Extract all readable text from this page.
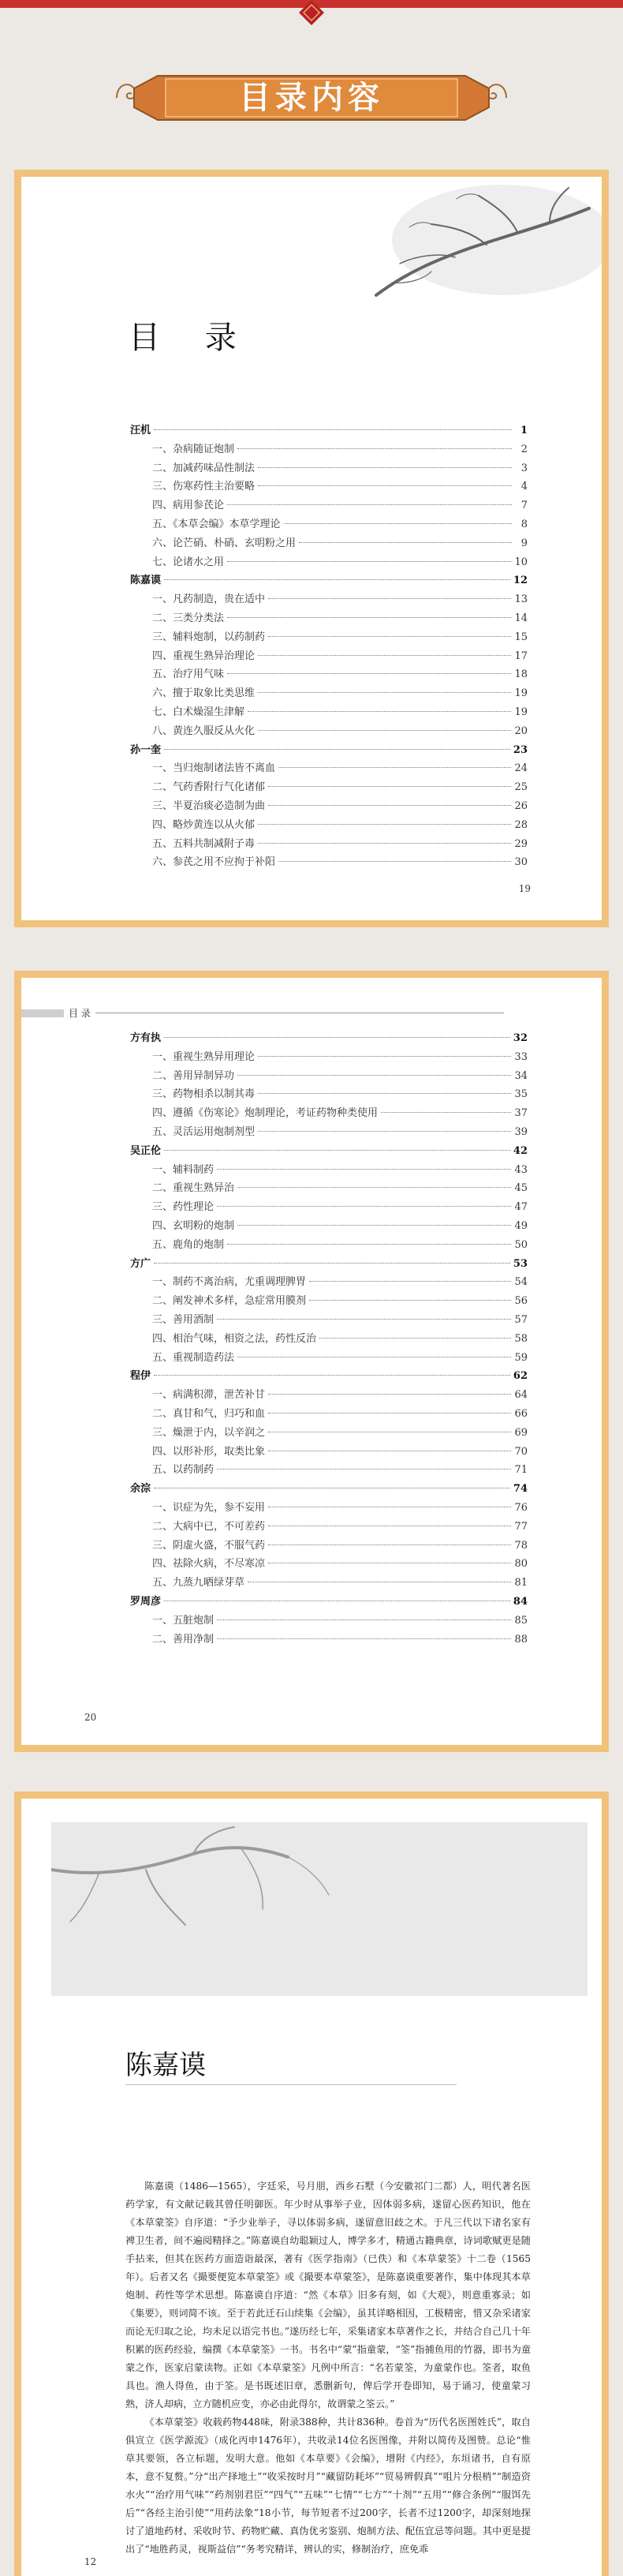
目录内容
目 录
汪机	1
一、杂病随证炮制	2
二、加减药味品性制法	3
三、伤寒药性主治要略	4
四、病用参芪论	7
五、《本草会编》本草学理论	8
六、论芒硝、朴硝、玄明粉之用	9
七、论诸水之用	10
陈嘉谟	12
一、凡药制造，贵在适中	13
二、三类分类法	14
三、辅料炮制，以药制药	15
四、重视生熟异治理论	17
五、治疗用气味	18
六、擅于取象比类思维	19
七、白术燥湿生津解	19
八、黄连久服反从火化	20
孙一奎	23
一、当归炮制诸法皆不离血	24
二、气药香附行气化诸郁	25
三、半夏治痰必造制为曲	26
四、略炒黄连以从火郁	28
五、五料共制减附子毒	29
六、参芪之用不应拘于补阳	30
19
目 录
方有执	32
一、重视生熟异用理论	33
二、善用异制异功	34
三、药物相杀以制其毒	35
四、遵循《伤寒论》炮制理论，考证药物种类使用	37
五、灵活运用炮制剂型	39
吴正伦	42
一、辅料制药	43
二、重视生熟异治	45
三、药性理论	47
四、玄明粉的炮制	49
五、鹿角的炮制	50
方广	53
一、制药不离治病，尤重调理脾胃	54
二、阐发神术多样，急症常用膜剂	56
三、善用酒制	57
四、相治气味，相资之法，药性反治	58
五、重视制造药法	59
程伊	62
一、病满积滞，泄苦补甘	64
二、真甘和气，归巧和血	66
三、燥泄于内，以辛润之	69
四、以形补形，取类比象	70
五、以药制药	71
余淙	74
一、识症为先，参不妄用	76
二、大病中已，不可差药	77
三、阴虚火盛，不服气药	78
四、祛除火病，不尽寒凉	80
五、九蒸九晒绿芽草	81
罗周彦	84
一、五脏炮制	85
二、善用净制	88
20
陈嘉谟

陈嘉谟（1486—1565），字廷采，号月朋，西乡石墅（今安徽祁门二都）人，明代著名医药学家，有文献记载其曾任明御医。年少时从事举子业，因体弱多病，遂留心医药知识，他在《本草蒙筌》自序道：“予少业举子，寻以体弱多病，遂留意旧歧之术。于凡三代以下诸名家有裨卫生者，间不遍阅精择之。”陈嘉谟自幼聪颖过人，博学多才，精通古籍典章，诗词歌赋更是随手拈来，但其在医药方面造诣最深，著有《医学指南》（已佚）和《本草蒙筌》十二卷（1565年）。后者又名《撮要便览本草蒙筌》或《撮要本草蒙筌》，是陈嘉谟重要著作，集中体现其本草炮制、药性等学术思想。陈嘉谟自序道：“然《本草》旧多有刻，如《大观》，则意重寡录；如《集要》，则词简不该。至于若此迁石山续集《会编》，虽其详略相因，工极精密，惜又杂采诸家而论无归取之论，均未足以语完书也。”遂历经七年，采集诸家本草著作之长，并结合自己几十年积累的医药经验，编撰《本草蒙筌》一书。书名中“蒙”指童蒙，“筌”指捕鱼用的竹器，即书为童蒙之作，医家启蒙读物。正如《本草蒙筌》凡例中所言：“名若蒙筌，为童蒙作也。筌者，取鱼具也。渔人得鱼，由于筌。是书既述旧章，悉删新句，俾后学开卷即知，易于诵习，使童蒙习熟，济人却病，立方随机应变，亦必由此得尔，故谓蒙之筌云。”

《本草蒙筌》收载药物448味，附录388种，共计836种。卷首为“历代名医图姓氏”，取自俱宣立《医学源流》（成化丙申1476年），共收录14位名医图像，并附以简传及图赞。总论“惟草其要领，各立标题，发明大意。他如《本草要》《会编》，增附《内经》，东垣诸书，自有原本，意不复赘。”分“出产择地土”“收采按时月”“藏留防耗坏”“贸易辨假真”“咀片分根梢”“制造资水火”“治疗用气味”“药剂别君臣”“四气”“五味”“七情”“七方”“十剂”“五用”“修合条例”“服饵先后”“各经主治引使”“用药法象”18小节，每节短者不过200字，长者不过1200字，却深刻地探讨了道地药材、采收时节、药物贮藏、真伪优劣鉴别、炮制方法、配伍宜忌等问题。其中更是提出了“地胜药灵，视斯益信”“务考究精详，辨认的实，修制治疗，庶免乖

12
